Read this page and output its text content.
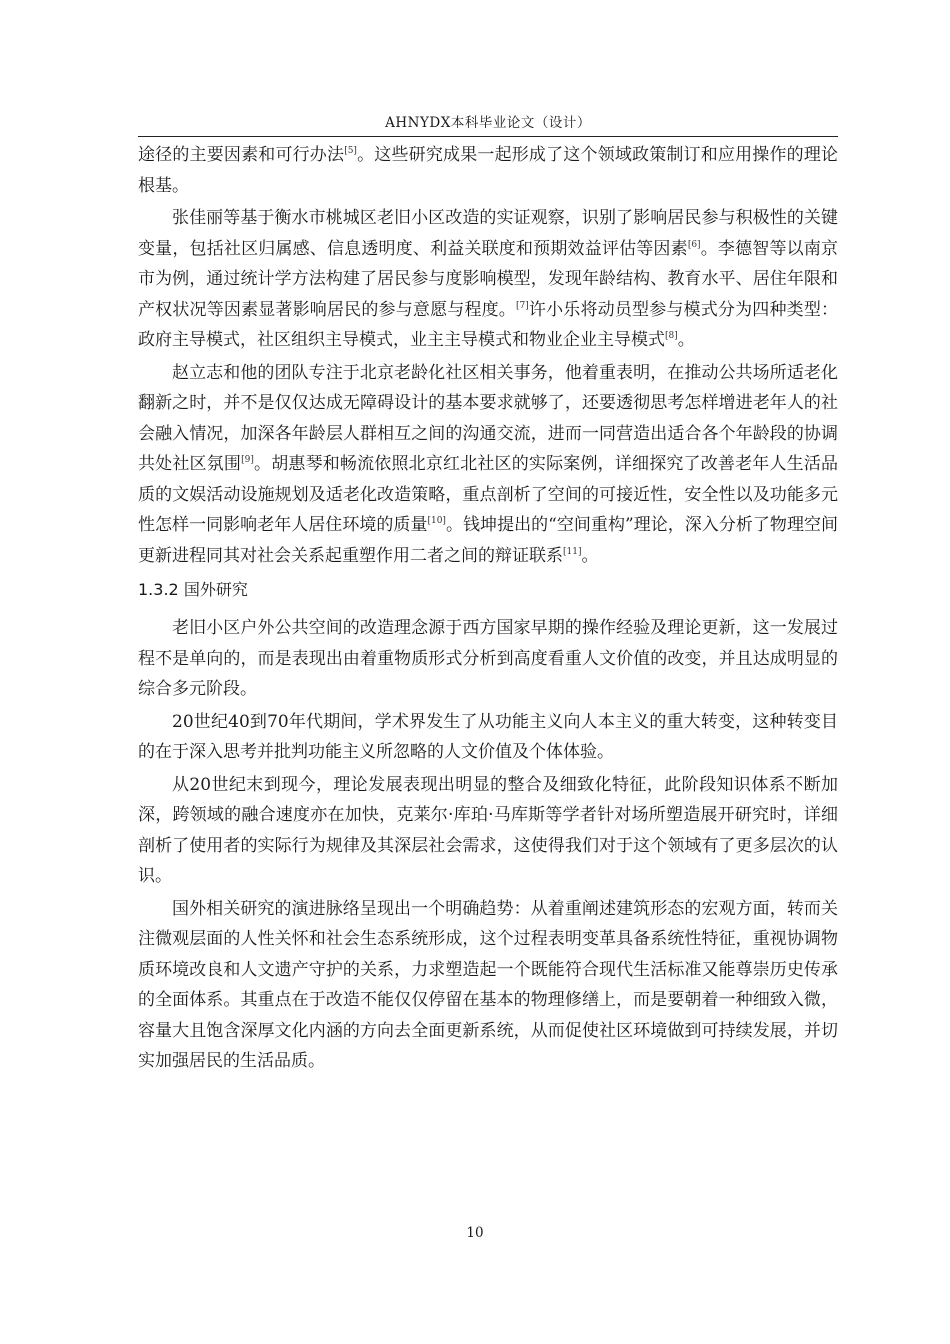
AHNYDX本科毕业论文（设计）

途径的主要因素和可行办法[5]。这些研究成果一起形成了这个领域政策制订和应用操作的理论根基。

张佳丽等基于衡水市桃城区老旧小区改造的实证观察，识别了影响居民参与积极性的关键变量，包括社区归属感、信息透明度、利益关联度和预期效益评估等因素[6]。李德智等以南京市为例，通过统计学方法构建了居民参与度影响模型，发现年龄结构、教育水平、居住年限和产权状况等因素显著影响居民的参与意愿与程度。[7]许小乐将动员型参与模式分为四种类型：政府主导模式，社区组织主导模式，业主主导模式和物业企业主导模式[8]。

赵立志和他的团队专注于北京老龄化社区相关事务，他着重表明，在推动公共场所适老化翻新之时，并不是仅仅达成无障碍设计的基本要求就够了，还要透彻思考怎样增进老年人的社会融入情况，加深各年龄层人群相互之间的沟通交流，进而一同营造出适合各个年龄段的协调共处社区氛围[9]。胡惠琴和畅流依照北京红北社区的实际案例，详细探究了改善老年人生活品质的文娱活动设施规划及适老化改造策略，重点剖析了空间的可接近性，安全性以及功能多元性怎样一同影响老年人居住环境的质量[10]。钱坤提出的“空间重构”理论，深入分析了物理空间更新进程同其对社会关系起重塑作用二者之间的辩证联系[11]。

1.3.2 国外研究

老旧小区户外公共空间的改造理念源于西方国家早期的操作经验及理论更新，这一发展过程不是单向的，而是表现出由着重物质形式分析到高度看重人文价值的改变，并且达成明显的综合多元阶段。

20世纪40到70年代期间，学术界发生了从功能主义向人本主义的重大转变，这种转变目的在于深入思考并批判功能主义所忽略的人文价值及个体体验。

从20世纪末到现今，理论发展表现出明显的整合及细致化特征，此阶段知识体系不断加深，跨领域的融合速度亦在加快，克莱尔·库珀·马库斯等学者针对场所塑造展开研究时，详细剖析了使用者的实际行为规律及其深层社会需求，这使得我们对于这个领域有了更多层次的认识。

国外相关研究的演进脉络呈现出一个明确趋势：从着重阐述建筑形态的宏观方面，转而关注微观层面的人性关怀和社会生态系统形成，这个过程表明变革具备系统性特征，重视协调物质环境改良和人文遗产守护的关系，力求塑造起一个既能符合现代生活标准又能尊崇历史传承的全面体系。其重点在于改造不能仅仅停留在基本的物理修缮上，而是要朝着一种细致入微，容量大且饱含深厚文化内涵的方向去全面更新系统，从而促使社区环境做到可持续发展，并切实加强居民的生活品质。

10
